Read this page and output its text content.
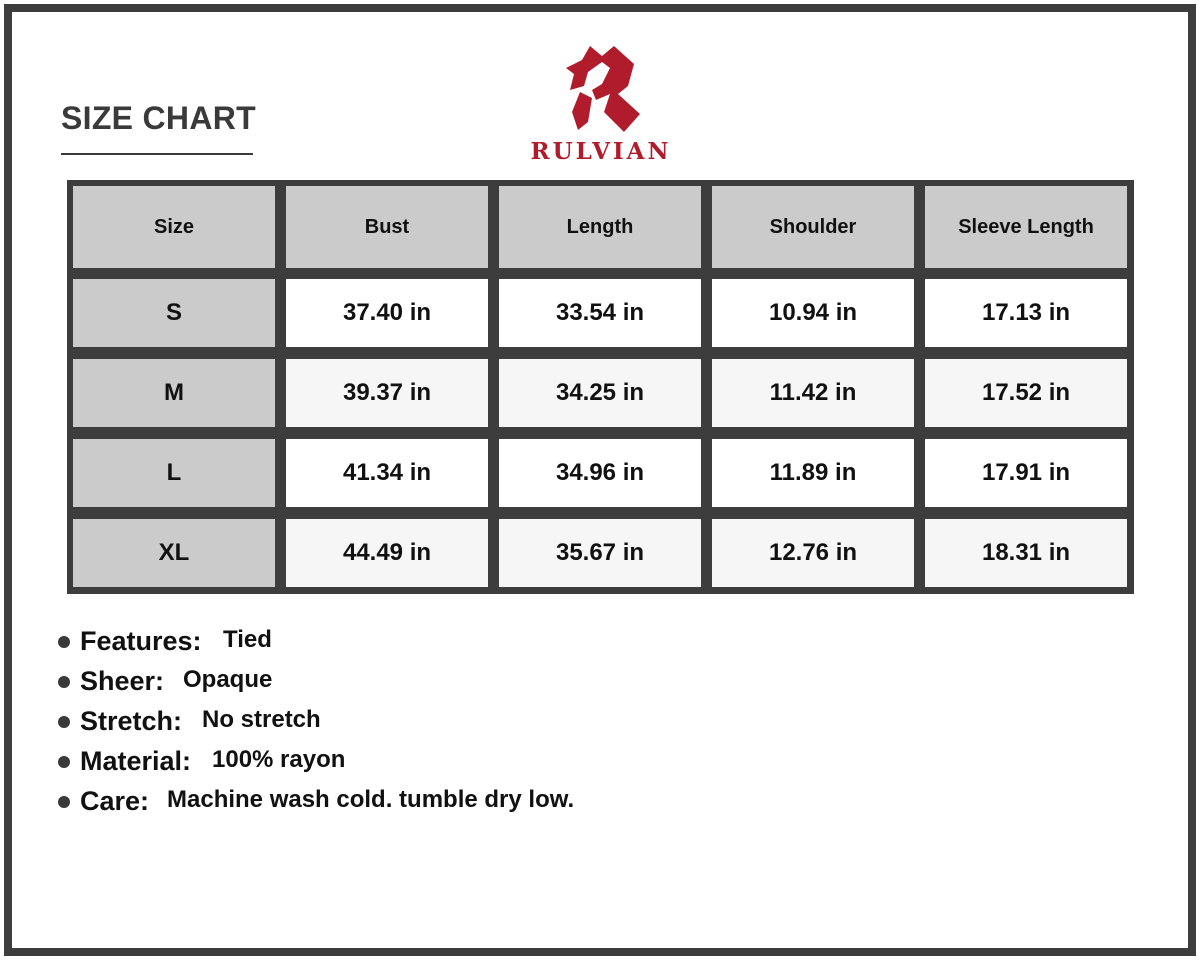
SIZE CHART
RULVIAN
Size	Bust	Length	Shoulder	Sleeve Length
S	37.40 in	33.54 in	10.94 in	17.13 in
M	39.37 in	34.25 in	11.42 in	17.52 in
L	41.34 in	34.96 in	11.89 in	17.91 in
XL	44.49 in	35.67 in	12.76 in	18.31 in
Features: Tied
Sheer: Opaque
Stretch: No stretch
Material: 100% rayon
Care: Machine wash cold. tumble dry low.
